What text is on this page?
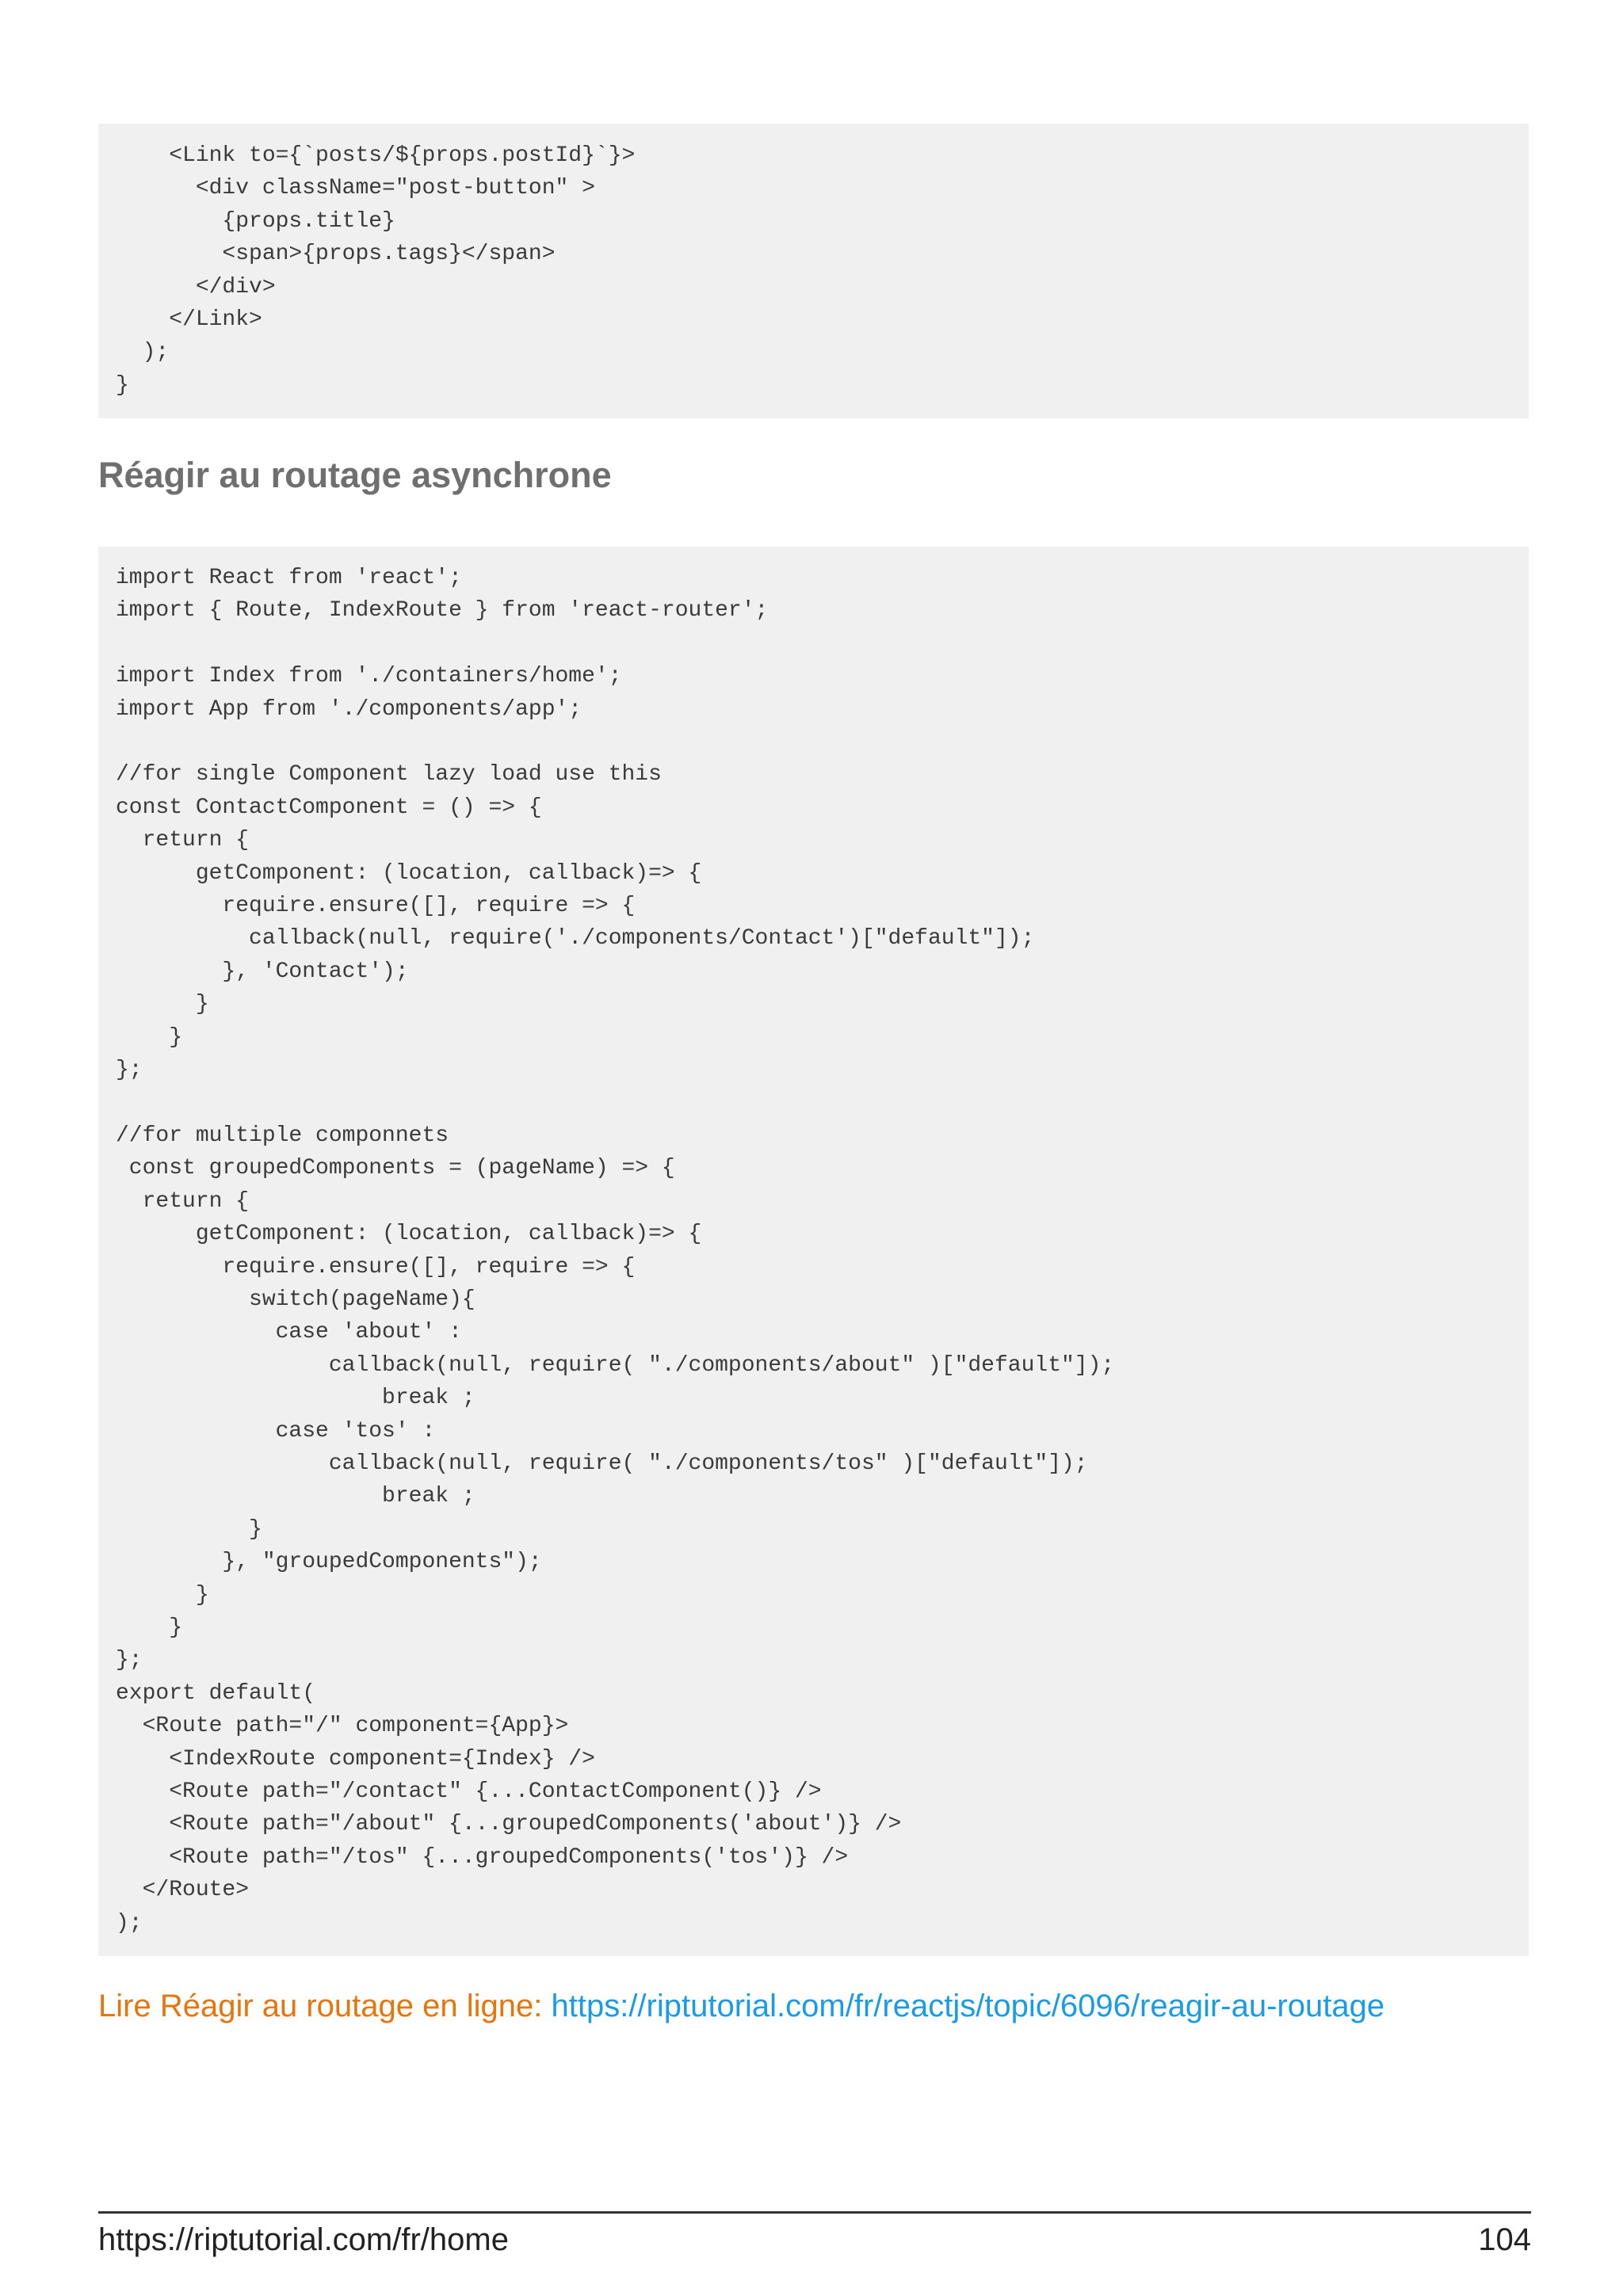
<Link to={`posts/${props.postId}`}>
<div className="post-button" >
{props.title}
<span>{props.tags}</span>
</div>
</Link>
);
}
Réagir au routage asynchrone
import React from 'react';
import { Route, IndexRoute } from 'react-router';

import Index from './containers/home';
import App from './components/app';

//for single Component lazy load use this
const ContactComponent = () => {
return {
getComponent: (location, callback)=> {
require.ensure([], require => {
callback(null, require('./components/Contact')["default"]);
}, 'Contact');
}
}
};

//for multiple componnets
const groupedComponents = (pageName) => {
return {
getComponent: (location, callback)=> {
require.ensure([], require => {
switch(pageName){
case 'about' :
callback(null, require( "./components/about" )["default"]);
break ;
case 'tos' :
callback(null, require( "./components/tos" )["default"]);
break ;
}
}, "groupedComponents");
}
}
};
export default(
<Route path="/" component={App}>
<IndexRoute component={Index} />
<Route path="/contact" {...ContactComponent()} />
<Route path="/about" {...groupedComponents('about')} />
<Route path="/tos" {...groupedComponents('tos')} />
</Route>
);

Lire Réagir au routage en ligne: https://riptutorial.com/fr/reactjs/topic/6096/reagir-au-routage

https://riptutorial.com/fr/home	104
